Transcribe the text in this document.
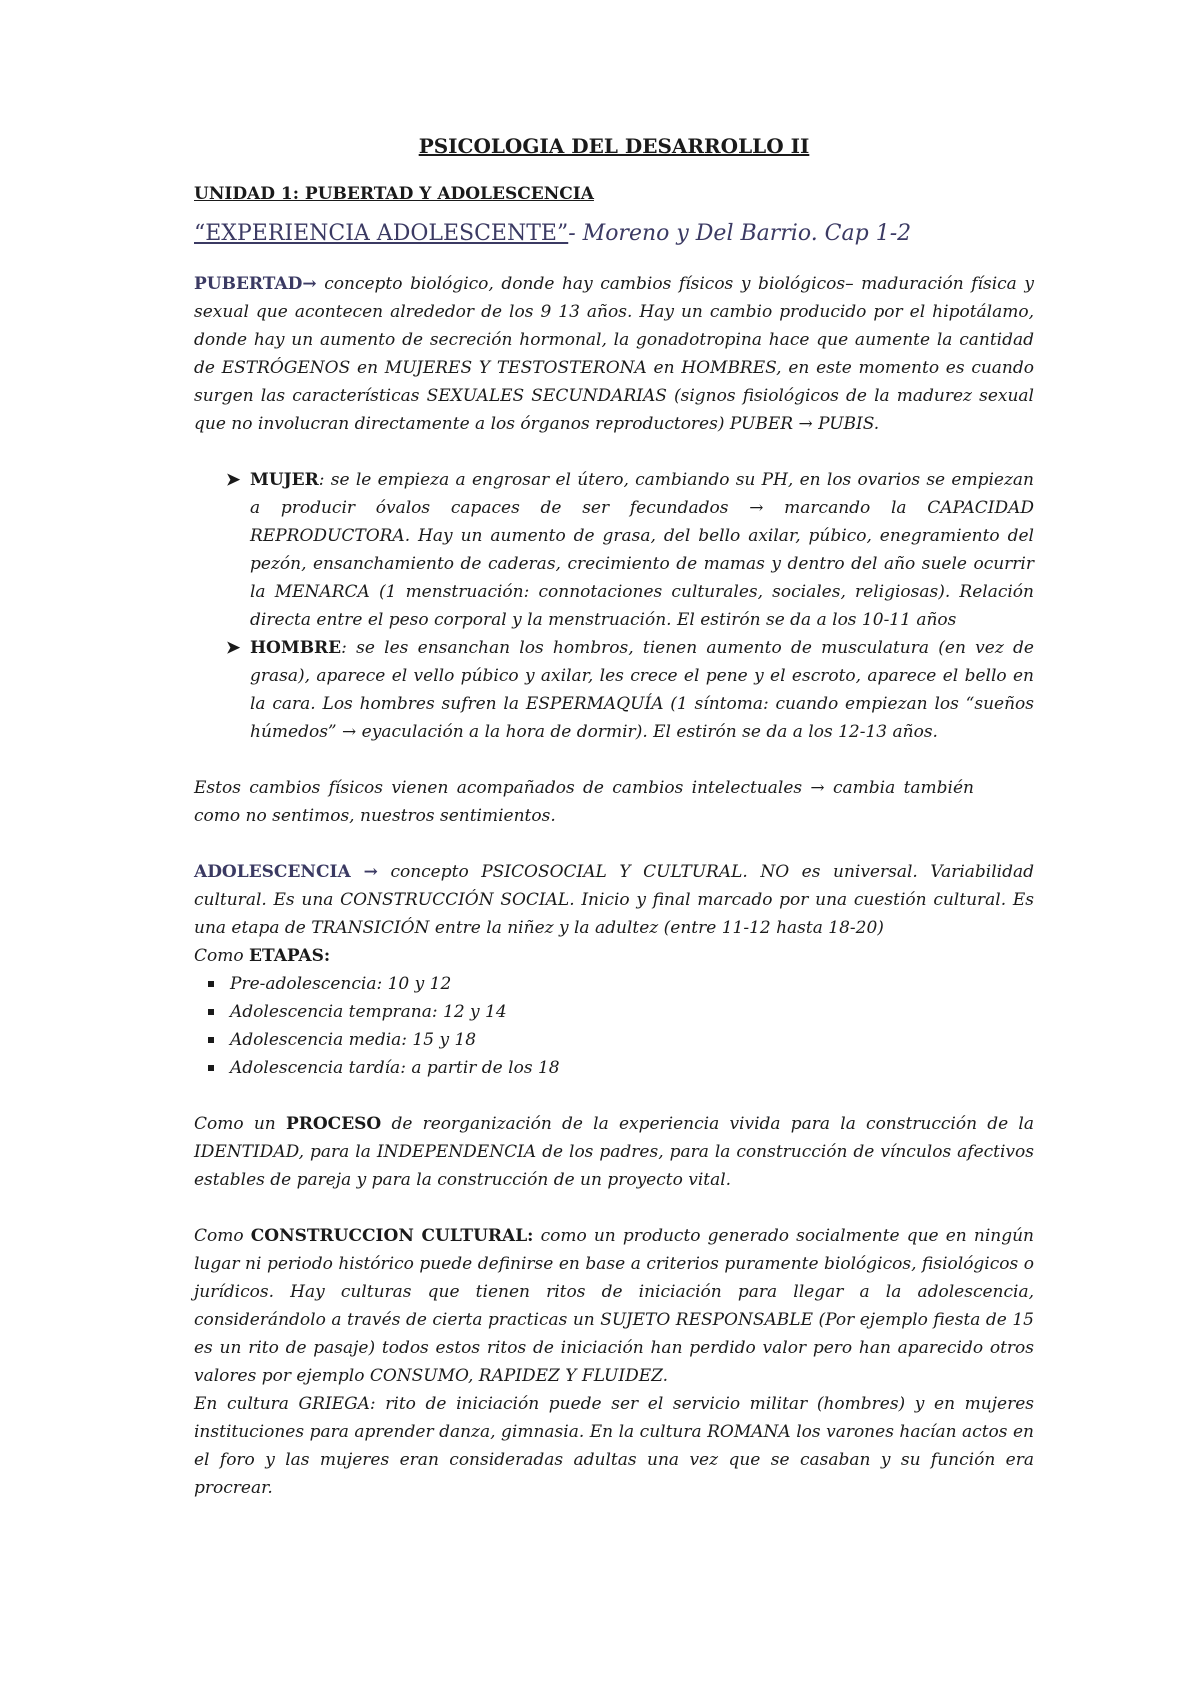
PSICOLOGIA DEL DESARROLLO II
UNIDAD 1: PUBERTAD Y ADOLESCENCIA
“EXPERIENCIA ADOLESCENTE”- Moreno y Del Barrio. Cap 1-2

PUBERTAD→ concepto biológico, donde hay cambios físicos y biológicos– maduración física y sexual que acontecen alrededor de los 9 13 años. Hay un cambio producido por el hipotálamo, donde hay un aumento de secreción hormonal, la gonadotropina hace que aumente la cantidad de ESTRÓGENOS en MUJERES Y TESTOSTERONA en HOMBRES, en este momento es cuando surgen las características SEXUALES SECUNDARIAS (signos fisiológicos de la madurez sexual que no involucran directamente a los órganos reproductores) PUBER → PUBIS.

➤ MUJER: se le empieza a engrosar el útero, cambiando su PH, en los ovarios se empiezan a producir óvalos capaces de ser fecundados → marcando la CAPACIDAD REPRODUCTORA. Hay un aumento de grasa, del bello axilar, púbico, enegramiento del pezón, ensanchamiento de caderas, crecimiento de mamas y dentro del año suele ocurrir la MENARCA (1 menstruación: connotaciones culturales, sociales, religiosas). Relación directa entre el peso corporal y la menstruación. El estirón se da a los 10-11 años
➤ HOMBRE: se les ensanchan los hombros, tienen aumento de musculatura (en vez de grasa), aparece el vello púbico y axilar, les crece el pene y el escroto, aparece el bello en la cara. Los hombres sufren la ESPERMAQUÍA (1 síntoma: cuando empiezan los “sueños húmedos” → eyaculación a la hora de dormir). El estirón se da a los 12-13 años.

Estos cambios físicos vienen acompañados de cambios intelectuales → cambia también como no sentimos, nuestros sentimientos.

ADOLESCENCIA → concepto PSICOSOCIAL Y CULTURAL. NO es universal. Variabilidad cultural. Es una CONSTRUCCIÓN SOCIAL. Inicio y final marcado por una cuestión cultural. Es una etapa de TRANSICIÓN entre la niñez y la adultez (entre 11-12 hasta 18-20)

Como ETAPAS:

Pre-adolescencia: 10 y 12
Adolescencia temprana: 12 y 14
Adolescencia media: 15 y 18
Adolescencia tardía: a partir de los 18

Como un PROCESO de reorganización de la experiencia vivida para la construcción de la IDENTIDAD, para la INDEPENDENCIA de los padres, para la construcción de vínculos afectivos estables de pareja y para la construcción de un proyecto vital.

Como CONSTRUCCION CULTURAL: como un producto generado socialmente que en ningún lugar ni periodo histórico puede definirse en base a criterios puramente biológicos, fisiológicos o jurídicos. Hay culturas que tienen ritos de iniciación para llegar a la adolescencia, considerándolo a través de cierta practicas un SUJETO RESPONSABLE (Por ejemplo fiesta de 15 es un rito de pasaje) todos estos ritos de iniciación han perdido valor pero han aparecido otros valores por ejemplo CONSUMO, RAPIDEZ Y FLUIDEZ.

En cultura GRIEGA: rito de iniciación puede ser el servicio militar (hombres) y en mujeres instituciones para aprender danza, gimnasia. En la cultura ROMANA los varones hacían actos en el foro y las mujeres eran consideradas adultas una vez que se casaban y su función era procrear.
